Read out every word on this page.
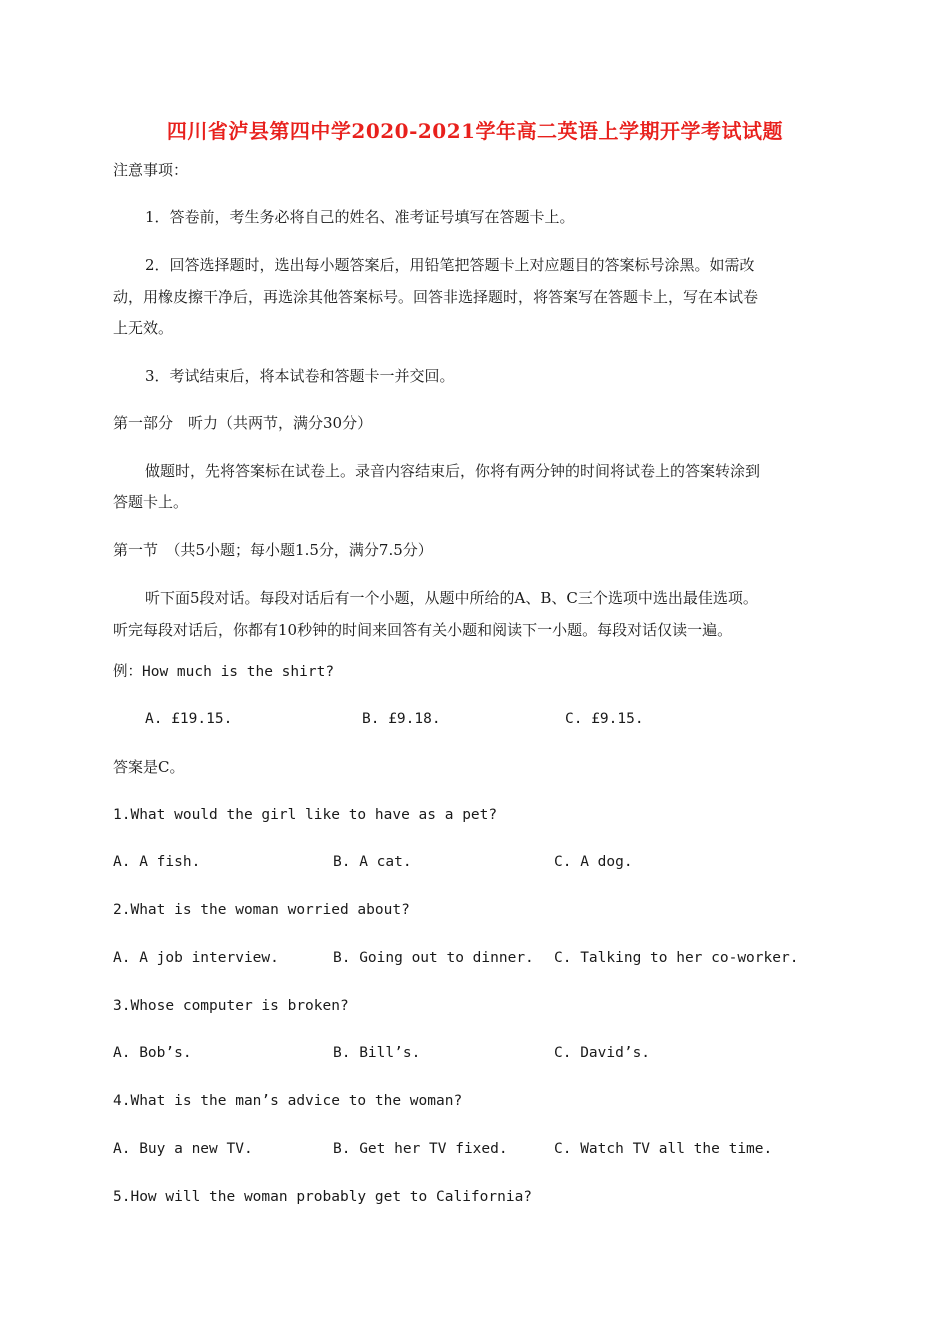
四川省泸县第四中学2020-2021学年高二英语上学期开学考试试题
注意事项：
1．答卷前，考生务必将自己的姓名、准考证号填写在答题卡上。
2．回答选择题时，选出每小题答案后，用铅笔把答题卡上对应题目的答案标号涂黑。如需改
动，用橡皮擦干净后，再选涂其他答案标号。回答非选择题时，将答案写在答题卡上，写在本试卷
上无效。
3．考试结束后，将本试卷和答题卡一并交回。
第一部分　听力（共两节，满分30分）
做题时，先将答案标在试卷上。录音内容结束后，你将有两分钟的时间将试卷上的答案转涂到
答题卡上。
第一节　（共5小题；每小题1.5分，满分7.5分）
听下面5段对话。每段对话后有一个小题，从题中所给的A、B、C三个选项中选出最佳选项。
听完每段对话后，你都有10秒钟的时间来回答有关小题和阅读下一小题。每段对话仅读一遍。
例：How much is the shirt?
A. £19.15.	B. £9.18.	C. £9.15.
答案是C。
1.What would the girl like to have as a pet?
A. A fish.	B. A cat.	C. A dog.
2.What is the woman worried about?
A. A job interview.	B. Going out to dinner. C. Talking to her co-worker.
3.Whose computer is broken?
A. Bob’s.	B. Bill’s.	C. David’s.
4.What is the man’s advice to the woman?
A. Buy a new TV.	B. Get her TV fixed.	C. Watch TV all the time.
5.How will the woman probably get to California?
